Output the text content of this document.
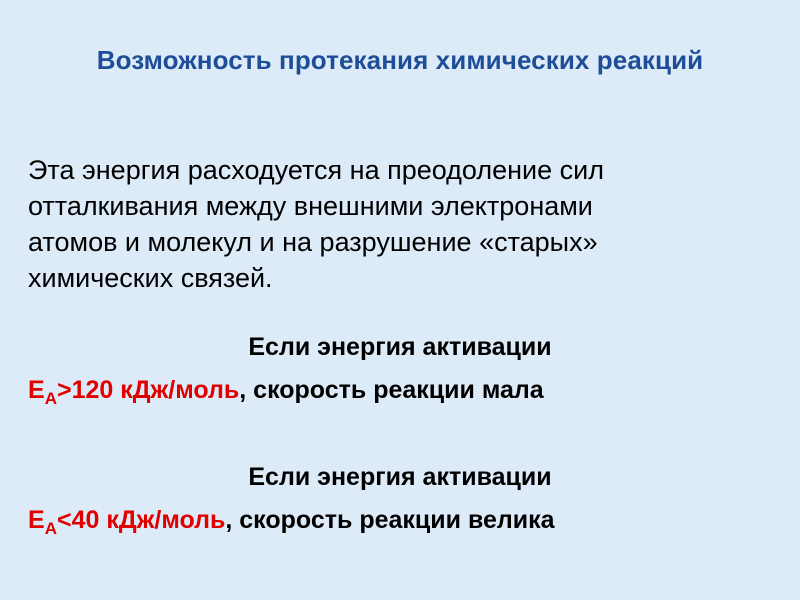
Возможность протекания химических реакций
Эта энергия расходуется на преодоление сил
отталкивания между внешними электронами
атомов и молекул и на разрушение «старых»
химических связей.
Если энергия активации
$E_A>120$ кДж/моль, скорость реакции мала
Если энергия активации
$E_A<40$ кДж/моль, скорость реакции велика
